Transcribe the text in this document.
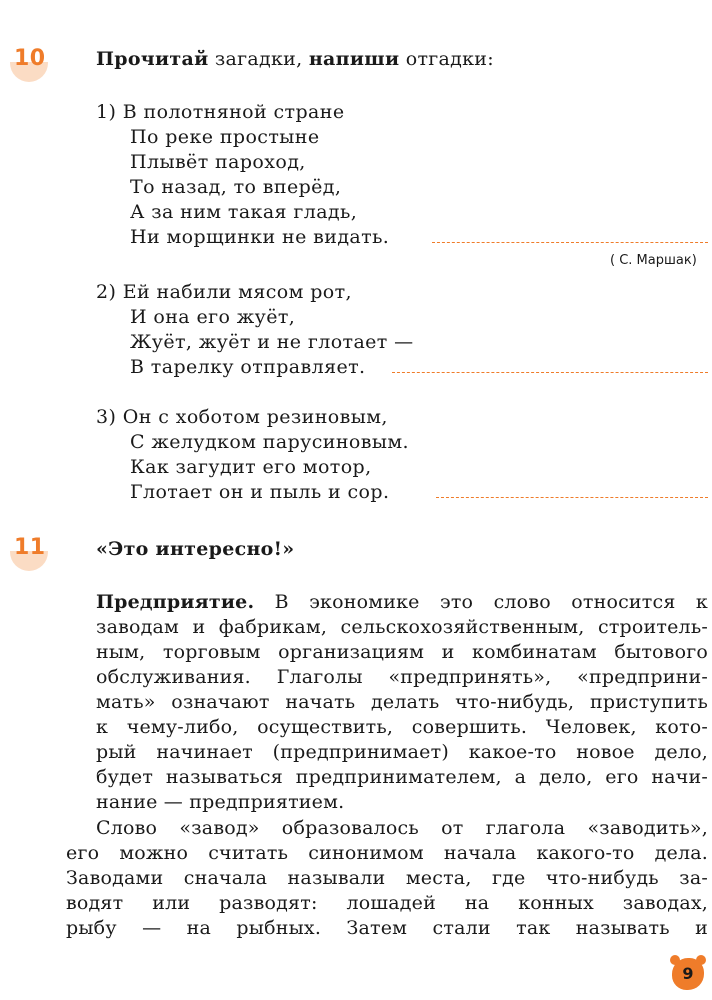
10	Прочитай загадки, напиши отгадки:
1) В полотняной стране
По реке простыне
Плывёт пароход,
То назад, то вперёд,
А за ним такая гладь,
Ни морщинки не видать.
( С. Маршак)
2) Ей набили мясом рот,
И она его жуёт,
Жуёт, жуёт и не глотает —
В тарелку отправляет.
3) Он с хоботом резиновым,
С желудком парусиновым.
Как загудит его мотор,
Глотает он и пыль и сор.
11	«Это интересно!»
Предприятие. В экономике это слово относится к
заводам и фабрикам, сельскохозяйственным, строитель-
ным, торговым организациям и комбинатам бытового
обслуживания. Глаголы «предпринять», «предприни-
мать» означают начать делать что-нибудь, приступить
к чему-либо, осуществить, совершить. Человек, кото-
рый начинает (предпринимает) какое-то новое дело,
будет называться предпринимателем, а дело, его начи-
нание — предприятием.
Слово «завод» образовалось от глагола «заводить»,
его можно считать синонимом начала какого-то дела.
Заводами сначала называли места, где что-нибудь за-
водят или разводят: лошадей на конных заводах,
рыбу — на рыбных. Затем стали так называть и
9
